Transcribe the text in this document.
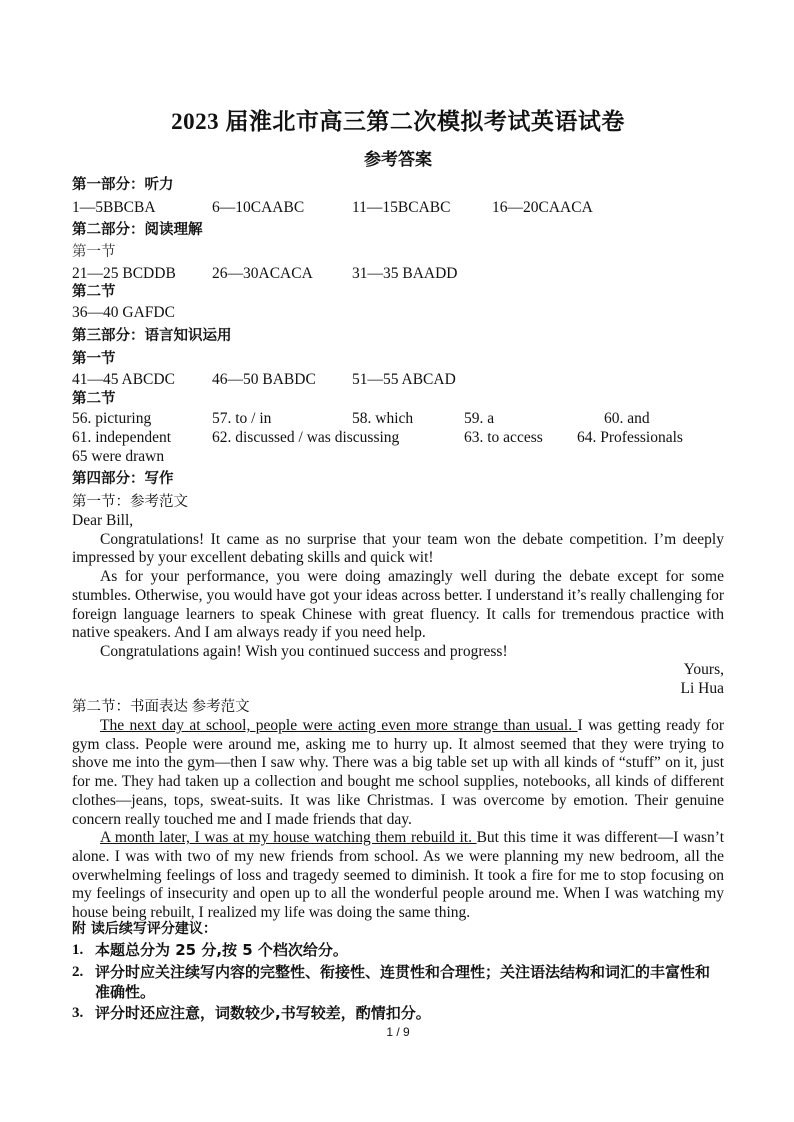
2023 届淮北市高三第二次模拟考试英语试卷
参考答案
第一部分：听力
1—5BBCBA	6—10CAABC	11—15BCABC	16—20CAACA
第二部分：阅读理解
第一节
21—25 BCDDB 26—30ACACA	31—35 BAADD
第二节
36—40 GAFDC
第三部分：语言知识运用
第一节
41—45 ABCDC 46—50 BABDC 51—55 ABCAD
第二节
56. picturing	57. to / in	58. which	59. a	60. and
61. independent	62. discussed / was discussing	63. to access 64. Professionals
65 were drawn
第四部分：写作
第一节：参考范文

Dear Bill,

Congratulations! It came as no surprise that your team won the debate competition. I’m deeply impressed by your excellent debating skills and quick wit!

As for your performance, you were doing amazingly well during the debate except for some stumbles. Otherwise, you would have got your ideas across better. I understand it’s really challenging for foreign language learners to speak Chinese with great fluency. It calls for tremendous practice with native speakers. And I am always ready if you need help.

Congratulations again! Wish you continued success and progress!

Yours,
Li Hua
第二节：书面表达 参考范文

The next day at school, people were acting even more strange than usual. I was getting ready for gym class. People were around me, asking me to hurry up. It almost seemed that they were trying to shove me into the gym—then I saw why. There was a big table set up with all kinds of “stuff” on it, just for me. They had taken up a collection and bought me school supplies, notebooks, all kinds of different clothes—jeans, tops, sweat-suits. It was like Christmas. I was overcome by emotion. Their genuine concern really touched me and I made friends that day.

A month later, I was at my house watching them rebuild it. But this time it was different—I wasn’t alone. I was with two of my new friends from school. As we were planning my new bedroom, all the overwhelming feelings of loss and tragedy seemed to diminish. It took a fire for me to stop focusing on my feelings of insecurity and open up to all the wonderful people around me. When I was watching my house being rebuilt, I realized my life was doing the same thing.

附 读后续写评分建议：
1. 本题总分为 25 分,按 5 个档次给分。
2. 评分时应关注续写内容的完整性、衔接性、连贯性和合理性；关注语法结构和词汇的丰富性和准确性。
3. 评分时还应注意，词数较少,书写较差，酌情扣分。
1 / 9
